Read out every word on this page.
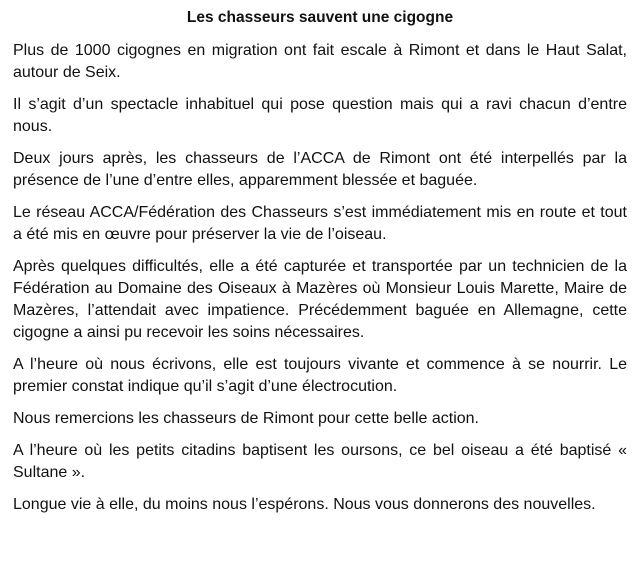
Les chasseurs sauvent une cigogne

Plus de 1000 cigognes en migration ont fait escale à Rimont et dans le Haut Salat, autour de Seix.

Il s’agit d’un spectacle inhabituel qui pose question mais qui a ravi chacun d’entre nous.

Deux jours après, les chasseurs de l’ACCA de Rimont ont été interpellés par la présence de l’une d’entre elles, apparemment blessée et baguée.

Le réseau ACCA/Fédération des Chasseurs s’est immédiatement mis en route et tout a été mis en œuvre pour préserver la vie de l’oiseau.

Après quelques difficultés, elle a été capturée et transportée par un technicien de la Fédération au Domaine des Oiseaux à Mazères où Monsieur Louis Marette, Maire de Mazères, l’attendait avec impatience. Précédemment baguée en Allemagne, cette cigogne a ainsi pu recevoir les soins nécessaires.

A l’heure où nous écrivons, elle est toujours vivante et commence à se nourrir. Le premier constat indique qu’il s’agit d’une électrocution.

Nous remercions les chasseurs de Rimont pour cette belle action.

A l’heure où les petits citadins baptisent les oursons, ce bel oiseau a été baptisé « Sultane ».

Longue vie à elle, du moins nous l’espérons. Nous vous donnerons des nouvelles.
